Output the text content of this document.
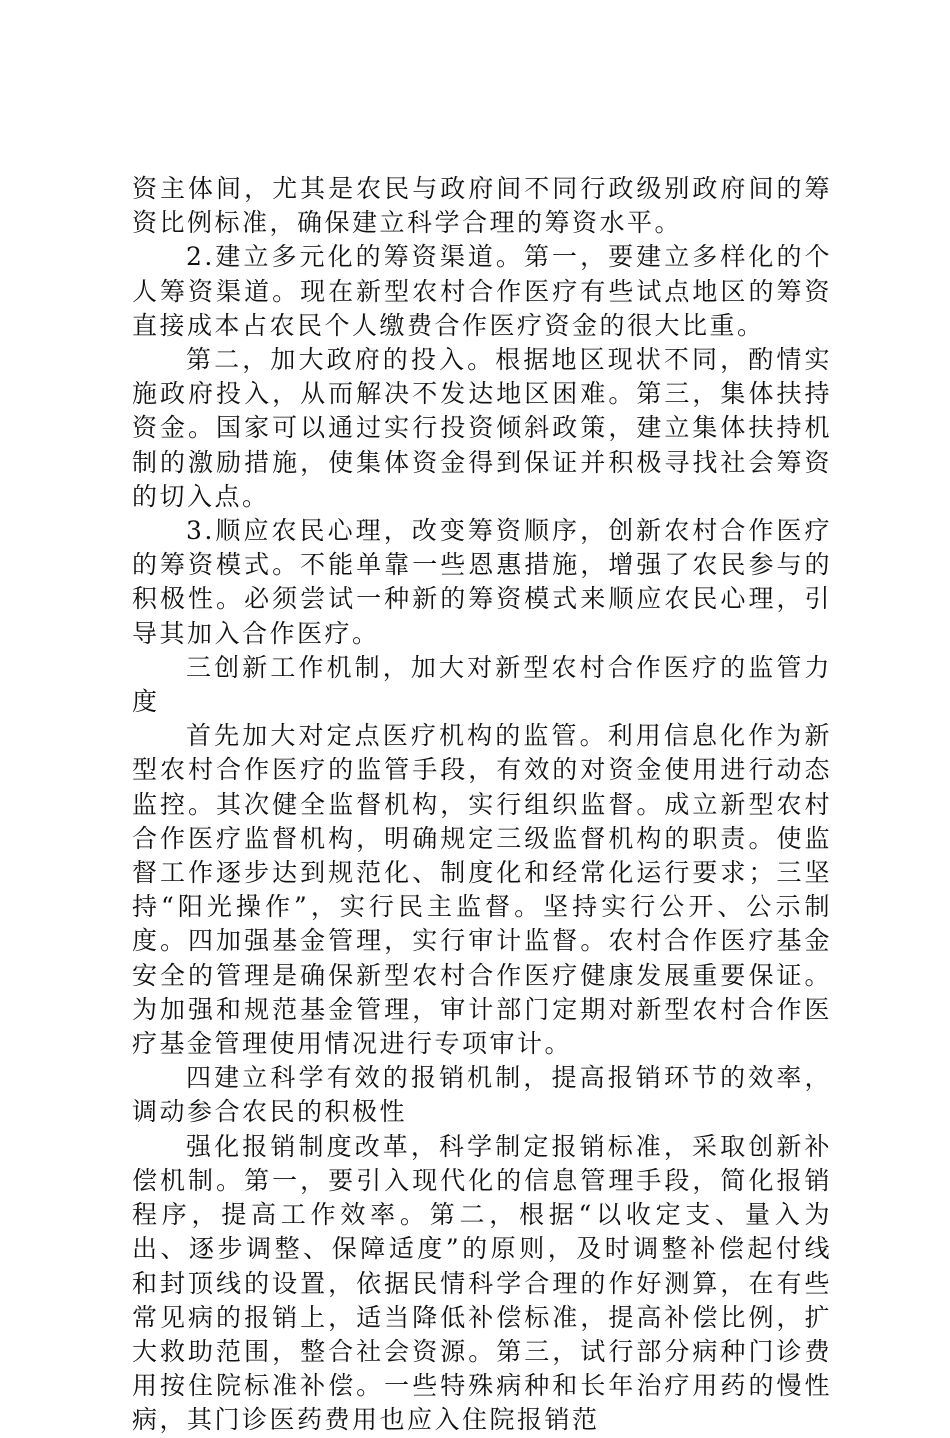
资主体间，尤其是农民与政府间不同行政级别政府间的筹资比例标准，确保建立科学合理的筹资水平。

2.建立多元化的筹资渠道。第一，要建立多样化的个人筹资渠道。现在新型农村合作医疗有些试点地区的筹资直接成本占农民个人缴费合作医疗资金的很大比重。

第二，加大政府的投入。根据地区现状不同，酌情实施政府投入，从而解决不发达地区困难。第三，集体扶持资金。国家可以通过实行投资倾斜政策，建立集体扶持机制的激励措施，使集体资金得到保证并积极寻找社会筹资的切入点。

3.顺应农民心理，改变筹资顺序，创新农村合作医疗的筹资模式。不能单靠一些恩惠措施，增强了农民参与的积极性。必须尝试一种新的筹资模式来顺应农民心理，引导其加入合作医疗。

三创新工作机制，加大对新型农村合作医疗的监管力度

首先加大对定点医疗机构的监管。利用信息化作为新型农村合作医疗的监管手段，有效的对资金使用进行动态监控。其次健全监督机构，实行组织监督。成立新型农村合作医疗监督机构，明确规定三级监督机构的职责。使监督工作逐步达到规范化、制度化和经常化运行要求；三坚持“阳光操作”，实行民主监督。坚持实行公开、公示制度。四加强基金管理，实行审计监督。农村合作医疗基金安全的管理是确保新型农村合作医疗健康发展重要保证。为加强和规范基金管理，审计部门定期对新型农村合作医疗基金管理使用情况进行专项审计。

四建立科学有效的报销机制，提高报销环节的效率，调动参合农民的积极性

强化报销制度改革，科学制定报销标准，采取创新补偿机制。第一，要引入现代化的信息管理手段，简化报销程序，提高工作效率。第二，根据“以收定支、量入为出、逐步调整、保障适度”的原则，及时调整补偿起付线和封顶线的设置，依据民情科学合理的作好测算，在有些常见病的报销上，适当降低补偿标准，提高补偿比例，扩大救助范围，整合社会资源。第三，试行部分病种门诊费用按住院标准补偿。一些特殊病种和长年治疗用药的慢性病，其门诊医药费用也应入住院报销范
